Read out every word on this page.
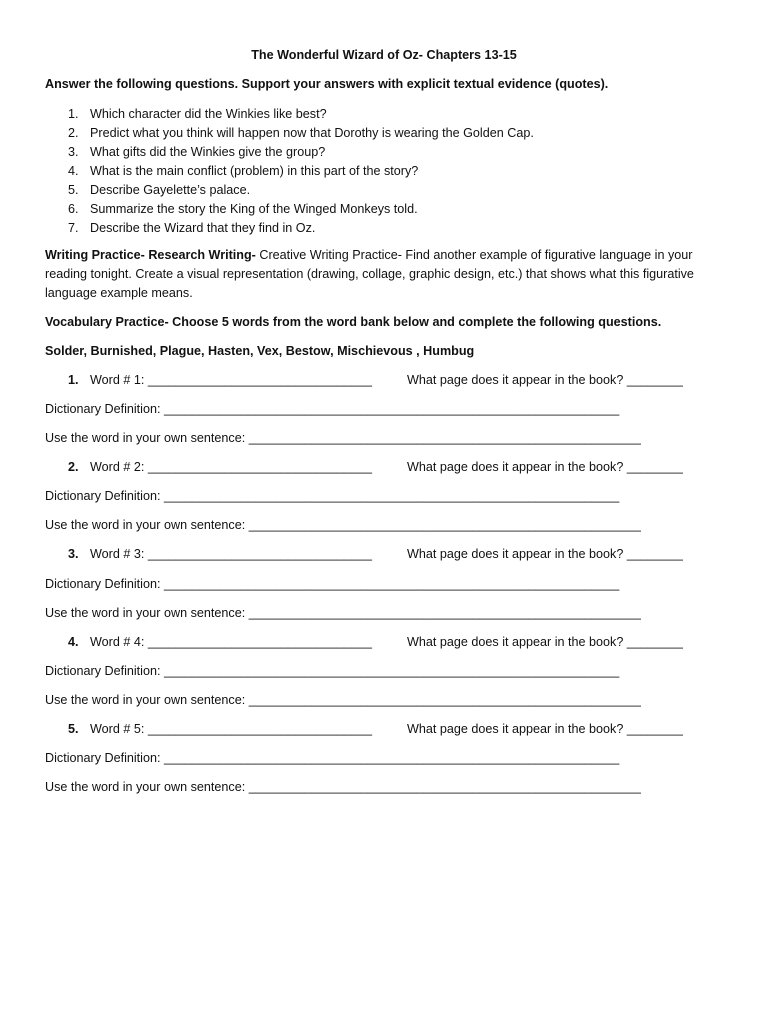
The Wonderful Wizard of Oz- Chapters 13-15
Answer the following questions. Support your answers with explicit textual evidence (quotes).
1. Which character did the Winkies like best?
2. Predict what you think will happen now that Dorothy is wearing the Golden Cap.
3. What gifts did the Winkies give the group?
4. What is the main conflict (problem) in this part of the story?
5. Describe Gayelette’s palace.
6. Summarize the story the King of the Winged Monkeys told.
7. Describe the Wizard that they find in Oz.
Writing Practice- Research Writing- Creative Writing Practice- Find another example of figurative language in your reading tonight. Create a visual representation (drawing, collage, graphic design, etc.) that shows what this figurative language example means.
Vocabulary Practice- Choose 5 words from the word bank below and complete the following questions.
Solder, Burnished, Plague, Hasten, Vex, Bestow, Mischievous , Humbug
1. Word # 1: ________________________________	What page does it appear in the book? ________
Dictionary Definition: _________________________________________________________________
Use the word in your own sentence: ________________________________________________________
2. Word # 2: ________________________________	What page does it appear in the book? ________
Dictionary Definition: _________________________________________________________________
Use the word in your own sentence: ________________________________________________________
3. Word # 3: ________________________________	What page does it appear in the book? ________
Dictionary Definition: _________________________________________________________________
Use the word in your own sentence: ________________________________________________________
4. Word # 4: ________________________________	What page does it appear in the book? ________
Dictionary Definition: _________________________________________________________________
Use the word in your own sentence: ________________________________________________________
5. Word # 5: ________________________________	What page does it appear in the book? ________
Dictionary Definition: _________________________________________________________________
Use the word in your own sentence: ________________________________________________________
